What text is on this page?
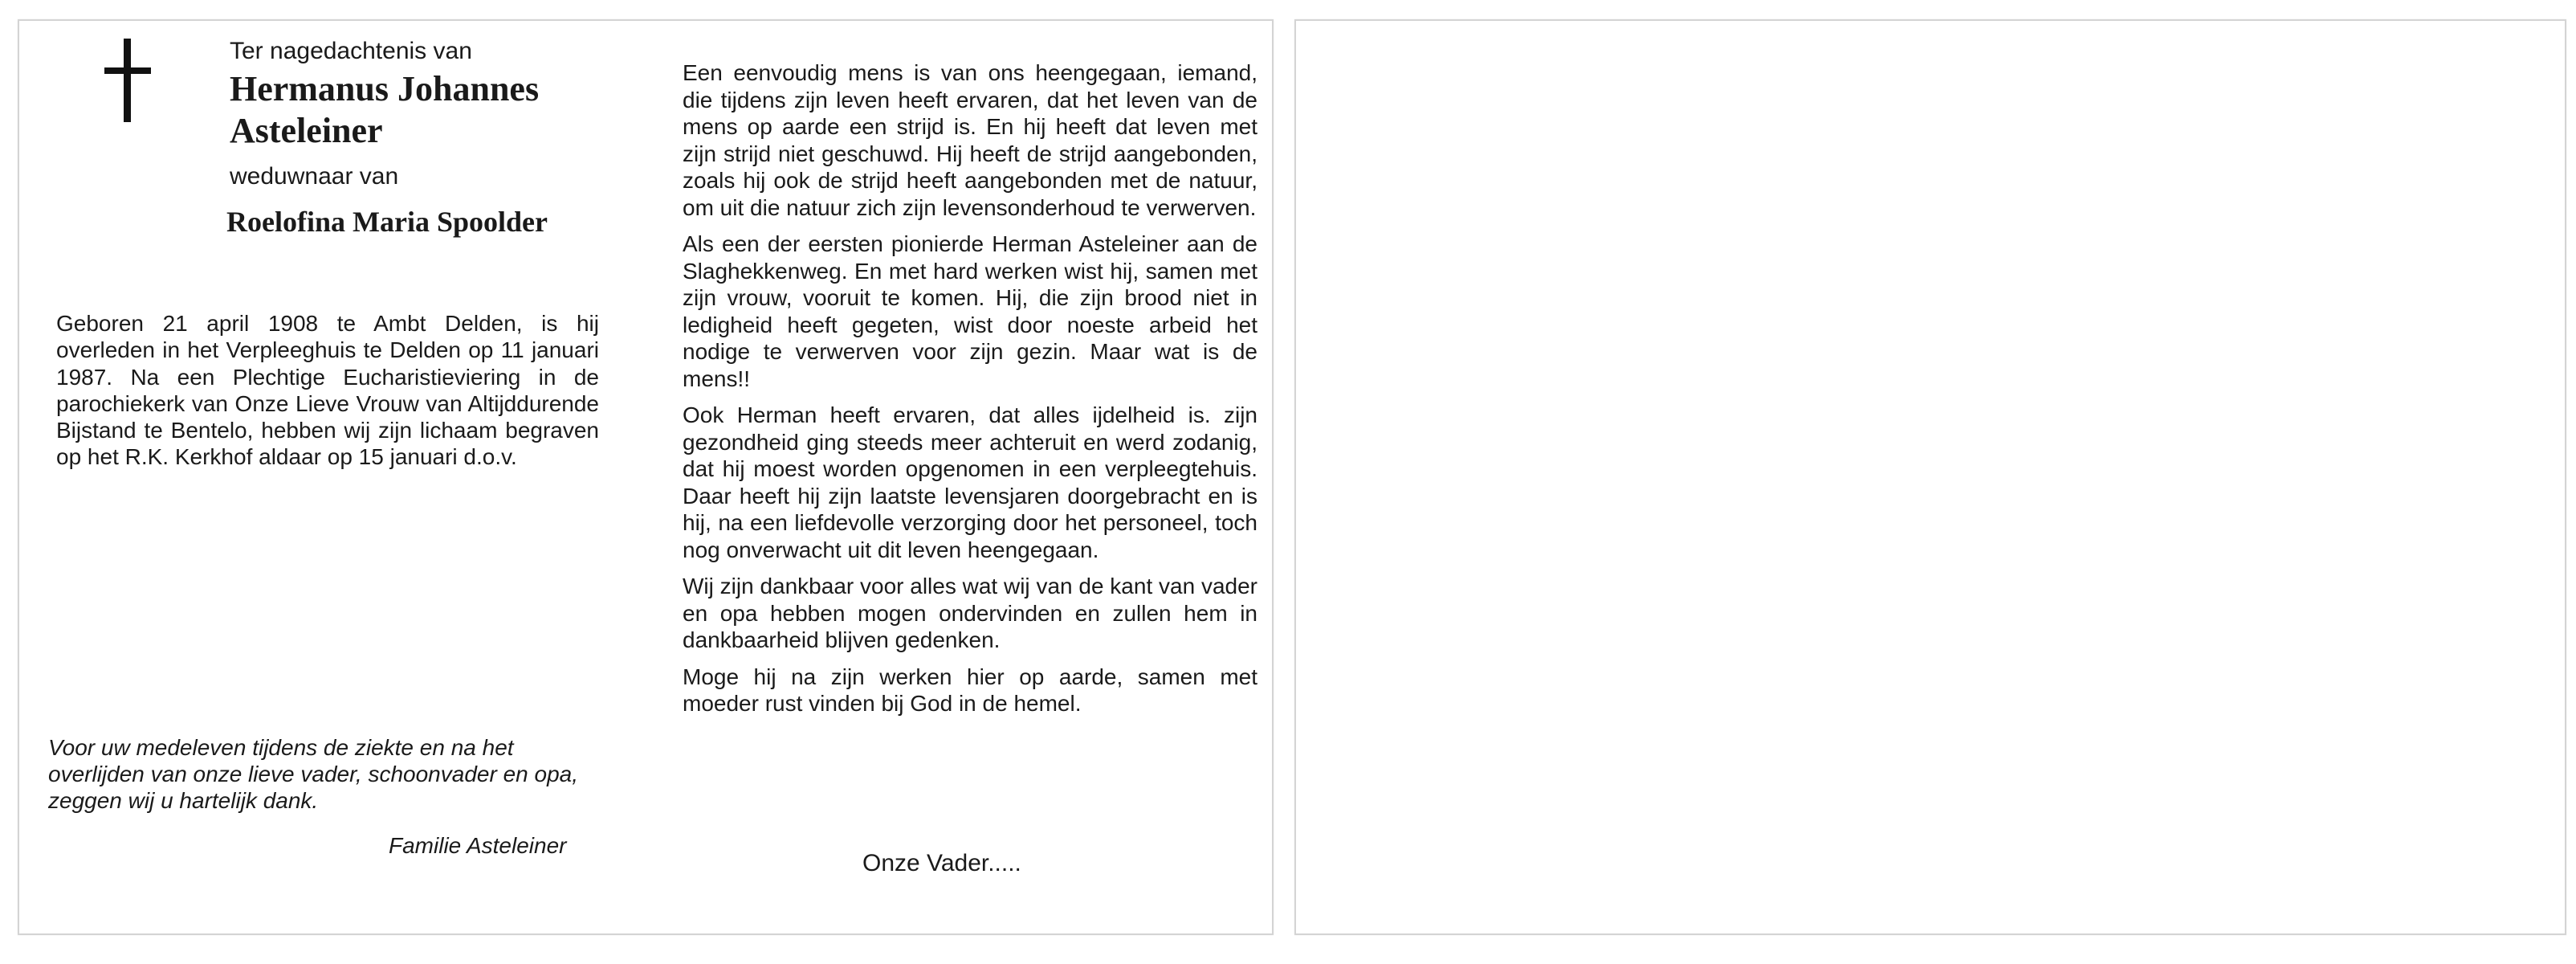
Ter nagedachtenis van
Hermanus Johannes
Asteleiner
weduwnaar van
Roelofina Maria Spoolder

Geboren 21 april 1908 te Ambt Delden, is hij overleden in het Verpleeghuis te Delden op 11 januari 1987. Na een Plechtige Eucharistieviering in de parochiekerk van Onze Lieve Vrouw van Altijddurende Bijstand te Bentelo, hebben wij zijn lichaam begraven op het R.K. Kerkhof aldaar op 15 januari d.o.v.

Voor uw medeleven tijdens de ziekte en na het overlijden van onze lieve vader, schoonvader en opa, zeggen wij u hartelijk dank.

Familie Asteleiner

Een eenvoudig mens is van ons heengegaan, iemand, die tijdens zijn leven heeft ervaren, dat het leven van de mens op aarde een strijd is. En hij heeft dat leven met zijn strijd niet geschuwd. Hij heeft de strijd aangebonden, zoals hij ook de strijd heeft aangebonden met de natuur, om uit die natuur zich zijn levensonderhoud te verwerven.

Als een der eersten pionierde Herman Asteleiner aan de Slaghekkenweg. En met hard werken wist hij, samen met zijn vrouw, vooruit te komen. Hij, die zijn brood niet in ledigheid heeft gegeten, wist door noeste arbeid het nodige te verwerven voor zijn gezin. Maar wat is de mens!!

Ook Herman heeft ervaren, dat alles ijdelheid is. zijn gezondheid ging steeds meer achteruit en werd zodanig, dat hij moest worden opgenomen in een verpleegtehuis. Daar heeft hij zijn laatste levensjaren doorgebracht en is hij, na een liefdevolle verzorging door het personeel, toch nog onverwacht uit dit leven heengegaan.

Wij zijn dankbaar voor alles wat wij van de kant van vader en opa hebben mogen ondervinden en zullen hem in dankbaarheid blijven gedenken.

Moge hij na zijn werken hier op aarde, samen met moeder rust vinden bij God in de hemel.

Onze Vader.....
